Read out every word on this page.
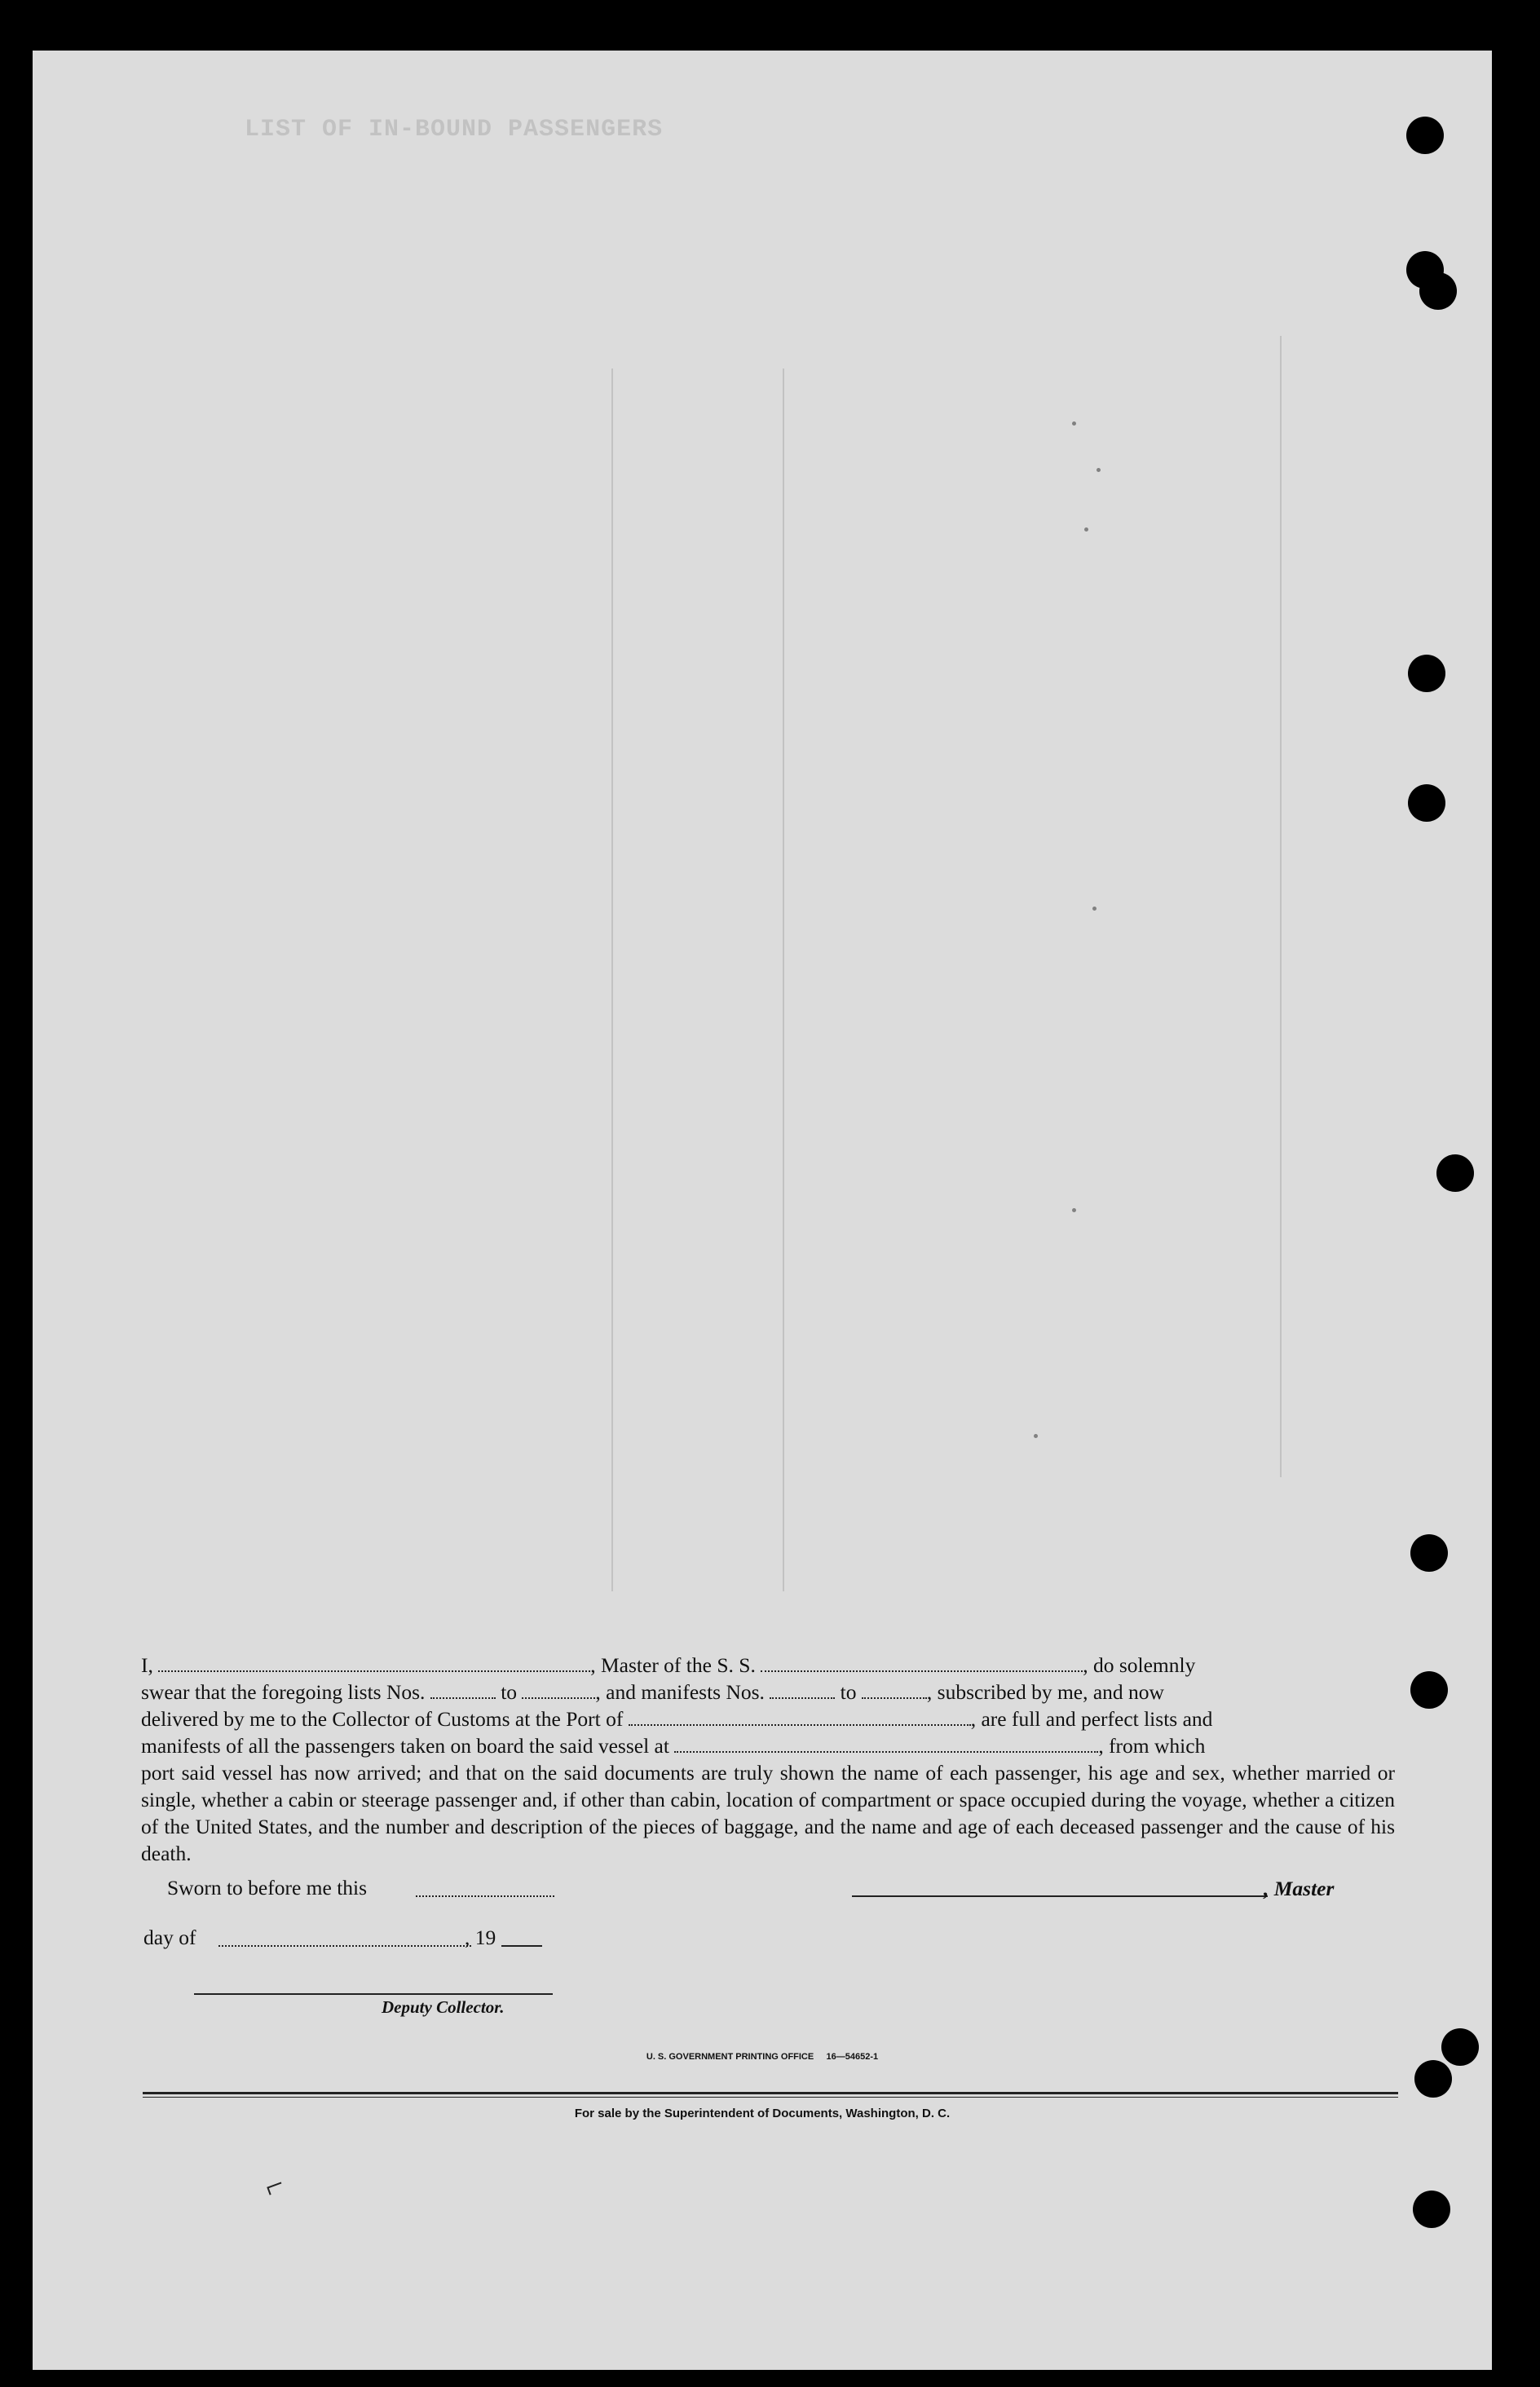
LIST OF IN-BOUND PASSENGERS

I,	, Master of the S. S.	, do solemnly

swear that the foregoing lists Nos.	to	, and manifests Nos.	to	, subscribed by me, and now

delivered by me to the Collector of Customs at the Port of	, are full and perfect lists and

manifests of all the passengers taken on board the said vessel at	, from which

port said vessel has now arrived; and that on the said documents are truly shown the name of each passenger, his age and sex, whether married or single, whether a cabin or steerage passenger and, if other than cabin, location of compartment or space occupied during the voyage, whether a citizen of the United States, and the number and description of the pieces of baggage, and the name and age of each deceased passenger and the cause of his death.

Sworn to before me this	, Master
day of	, 19
Deputy Collector.
U. S. GOVERNMENT PRINTING OFFICE     16—54652-1
For sale by the Superintendent of Documents, Washington, D. C.
⌐
